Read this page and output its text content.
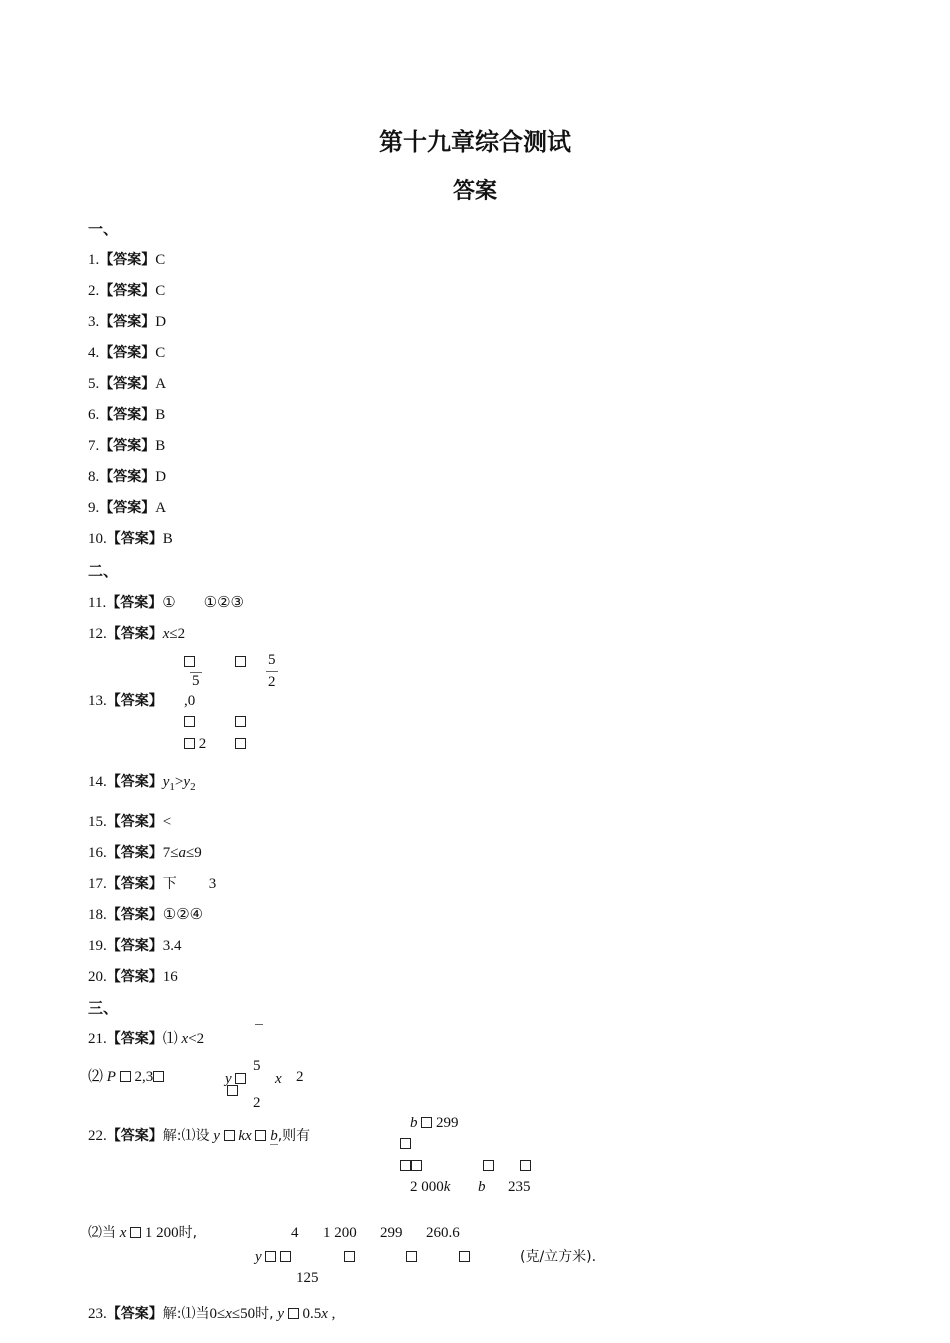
第十九章综合测试
答案
一、
1.【答案】C
2.【答案】C
3.【答案】D
4.【答案】C
5.【答案】A
6.【答案】B
7.【答案】B
8.【答案】D
9.【答案】A
10.【答案】B
二、
11.【答案】① ①②③
12.【答案】x≤2
5
5	2
13.【答案】 ,0
2
14.【答案】$y_1>y_2$
15.【答案】<
16.【答案】7≤a≤9
17.【答案】下 3
18.【答案】①②④
19.【答案】3.4
20.【答案】16
三、
21.【答案】⑴ x<2
5
⑵ P 2,3	y	x 2
2
b 299
22.【答案】解:⑴设 y kx b,则有
2 000k b 235
⑵当 x 1 200时,	4 1 200 299 260.6
y	(克/立方米).
125
23.【答案】解:⑴当0≤x≤50时, y 0.5x ,
